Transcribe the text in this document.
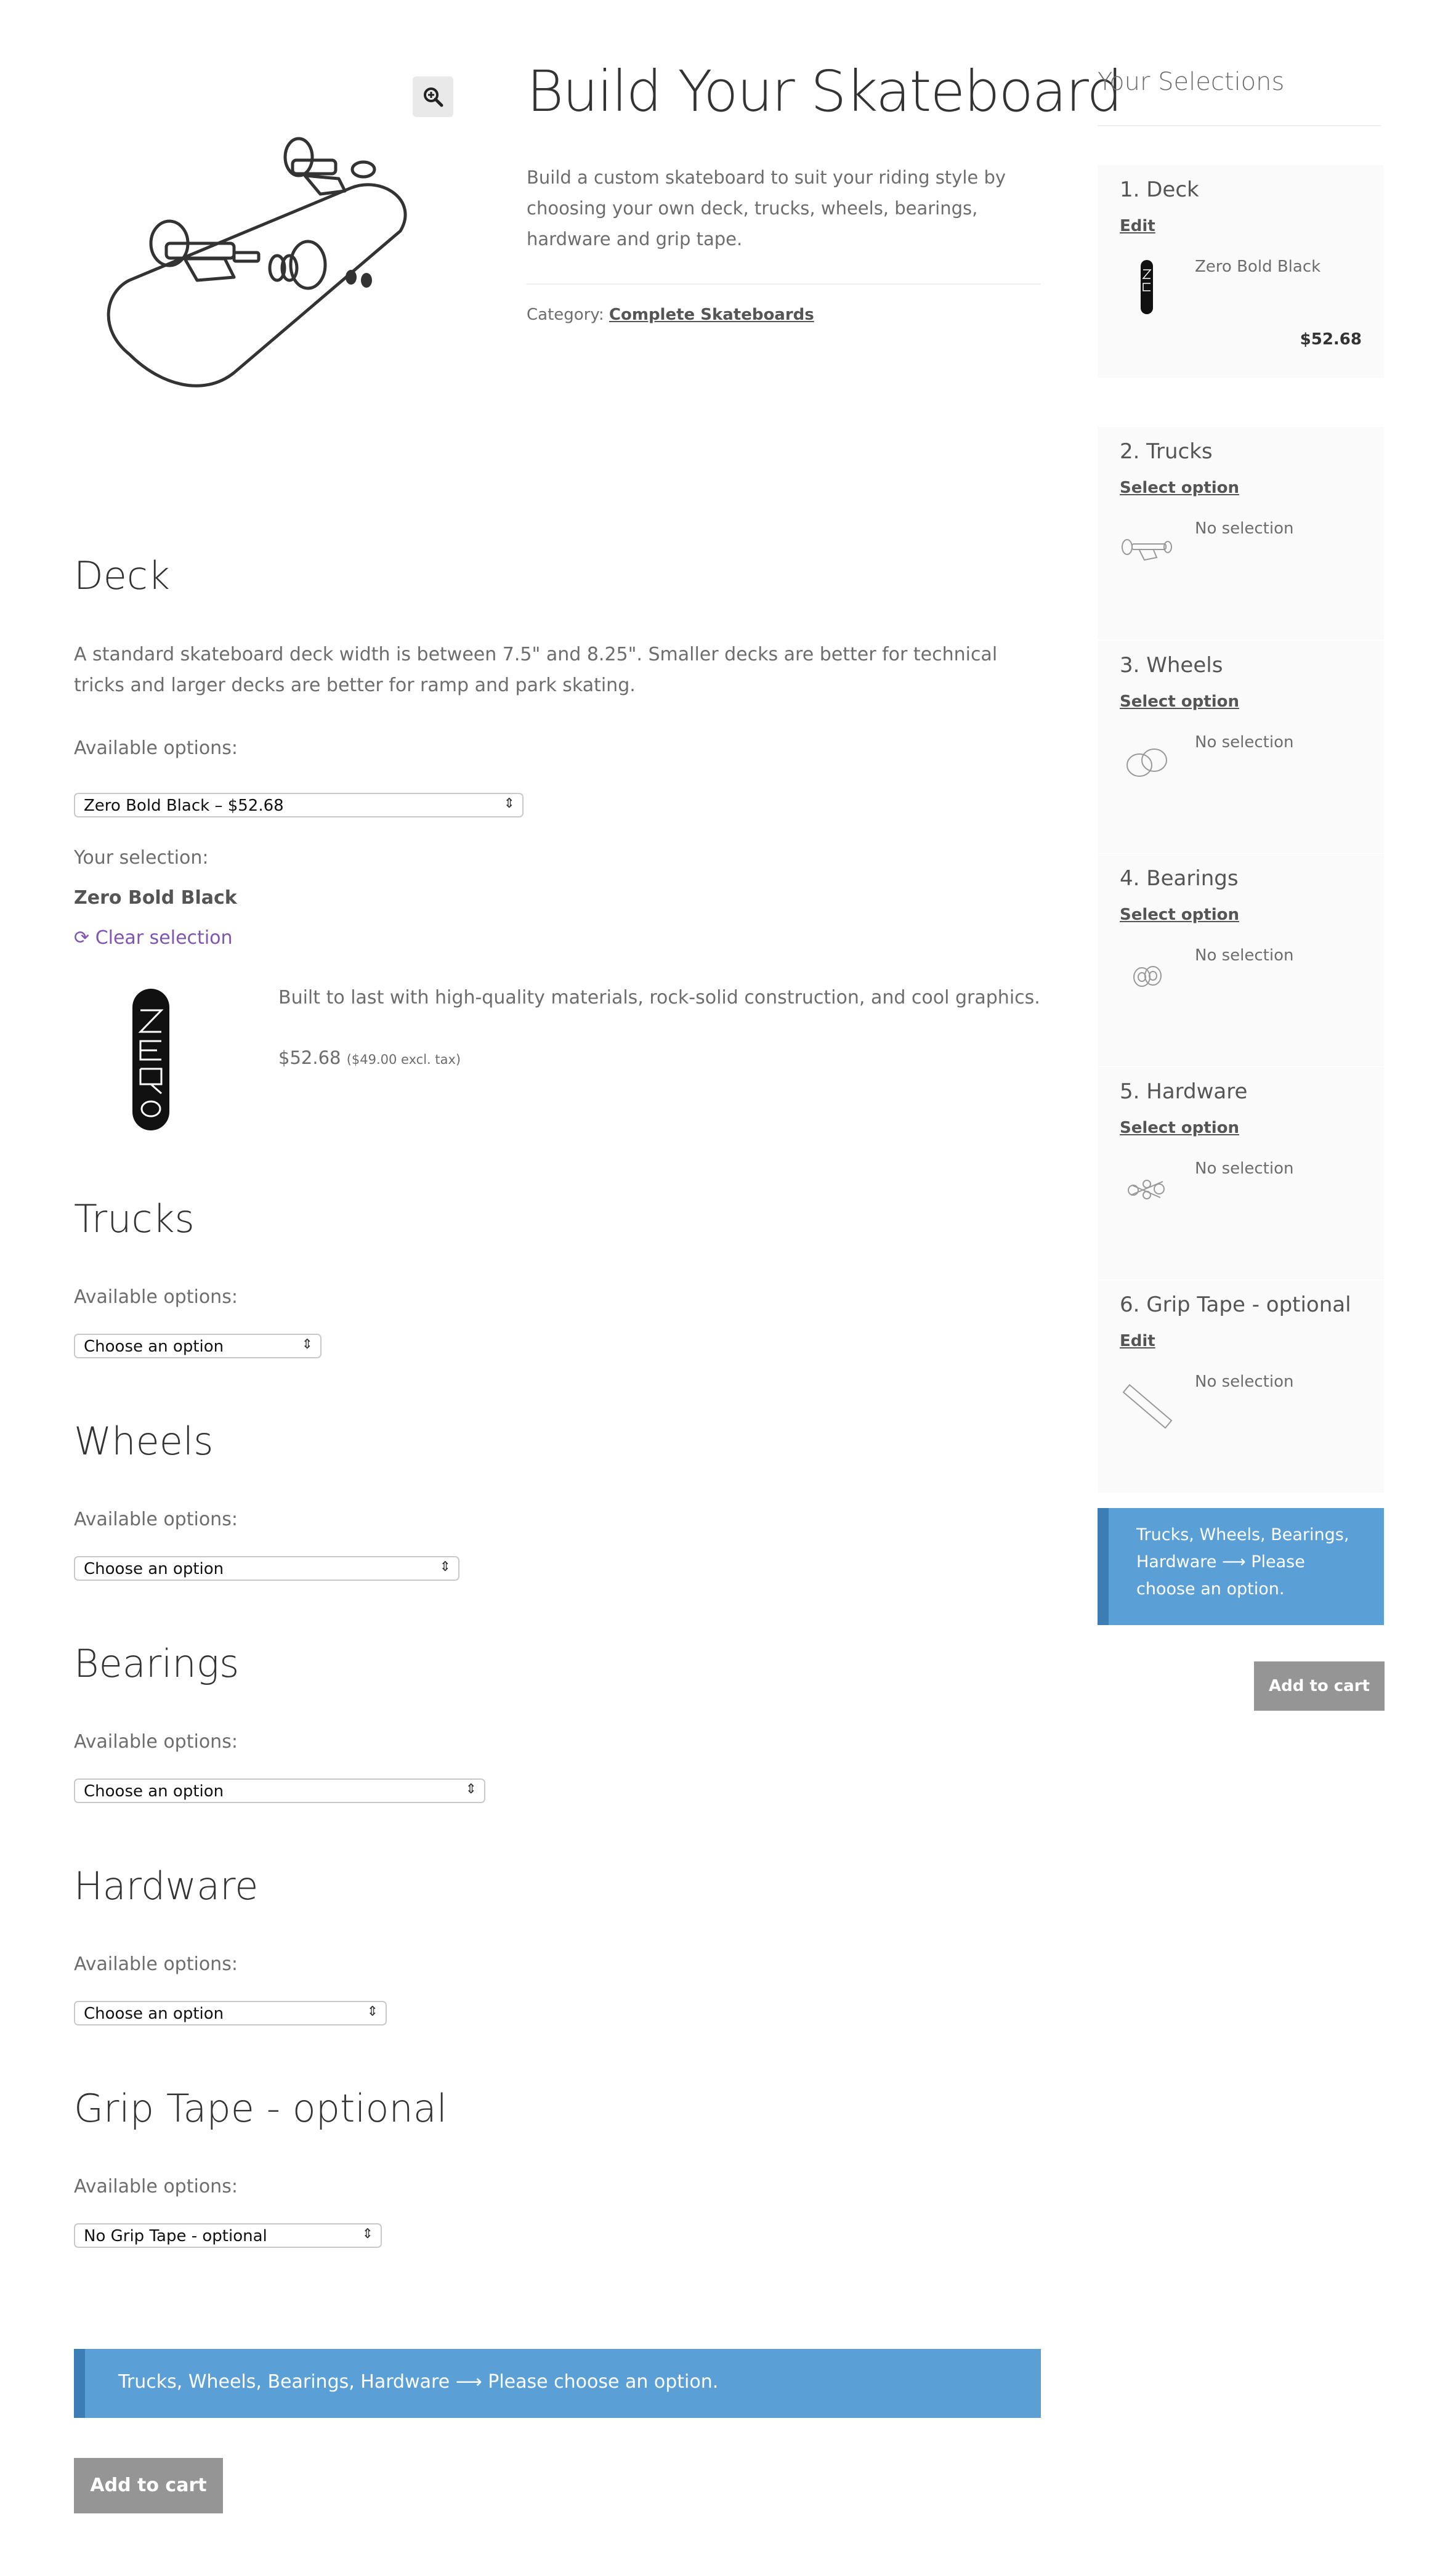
Build Your Skateboard
Build a custom skateboard to suit your riding style by choosing your own deck, trucks, wheels, bearings, hardware and grip tape.
Category: Complete Skateboards
Deck
A standard skateboard deck width is between 7.5" and 8.25". Smaller decks are better for technical tricks and larger decks are better for ramp and park skating.
Available options:
Zero Bold Black – $52.68	⇕
Your selection:
Zero Bold Black
⟳ Clear selection
Built to last with high-quality materials, rock-solid construction, and cool graphics.
$52.68 ($49.00 excl. tax)
Trucks
Available options:
Choose an option	⇕
Wheels
Available options:
Choose an option	⇕
Bearings
Available options:
Choose an option	⇕
Hardware
Available options:
Choose an option	⇕
Grip Tape - optional
Available options:
No Grip Tape - optional	⇕
Trucks, Wheels, Bearings, Hardware ⟶ Please choose an option.
Add to cart
Your Selections
1. Deck
Edit
Zero Bold Black
$52.68
2. Trucks
Select option
No selection
3. Wheels
Select option
No selection
4. Bearings
Select option
No selection
5. Hardware
Select option
No selection
6. Grip Tape - optional
Edit
No selection
Trucks, Wheels, Bearings, Hardware ⟶ Please choose an option.
Add to cart
